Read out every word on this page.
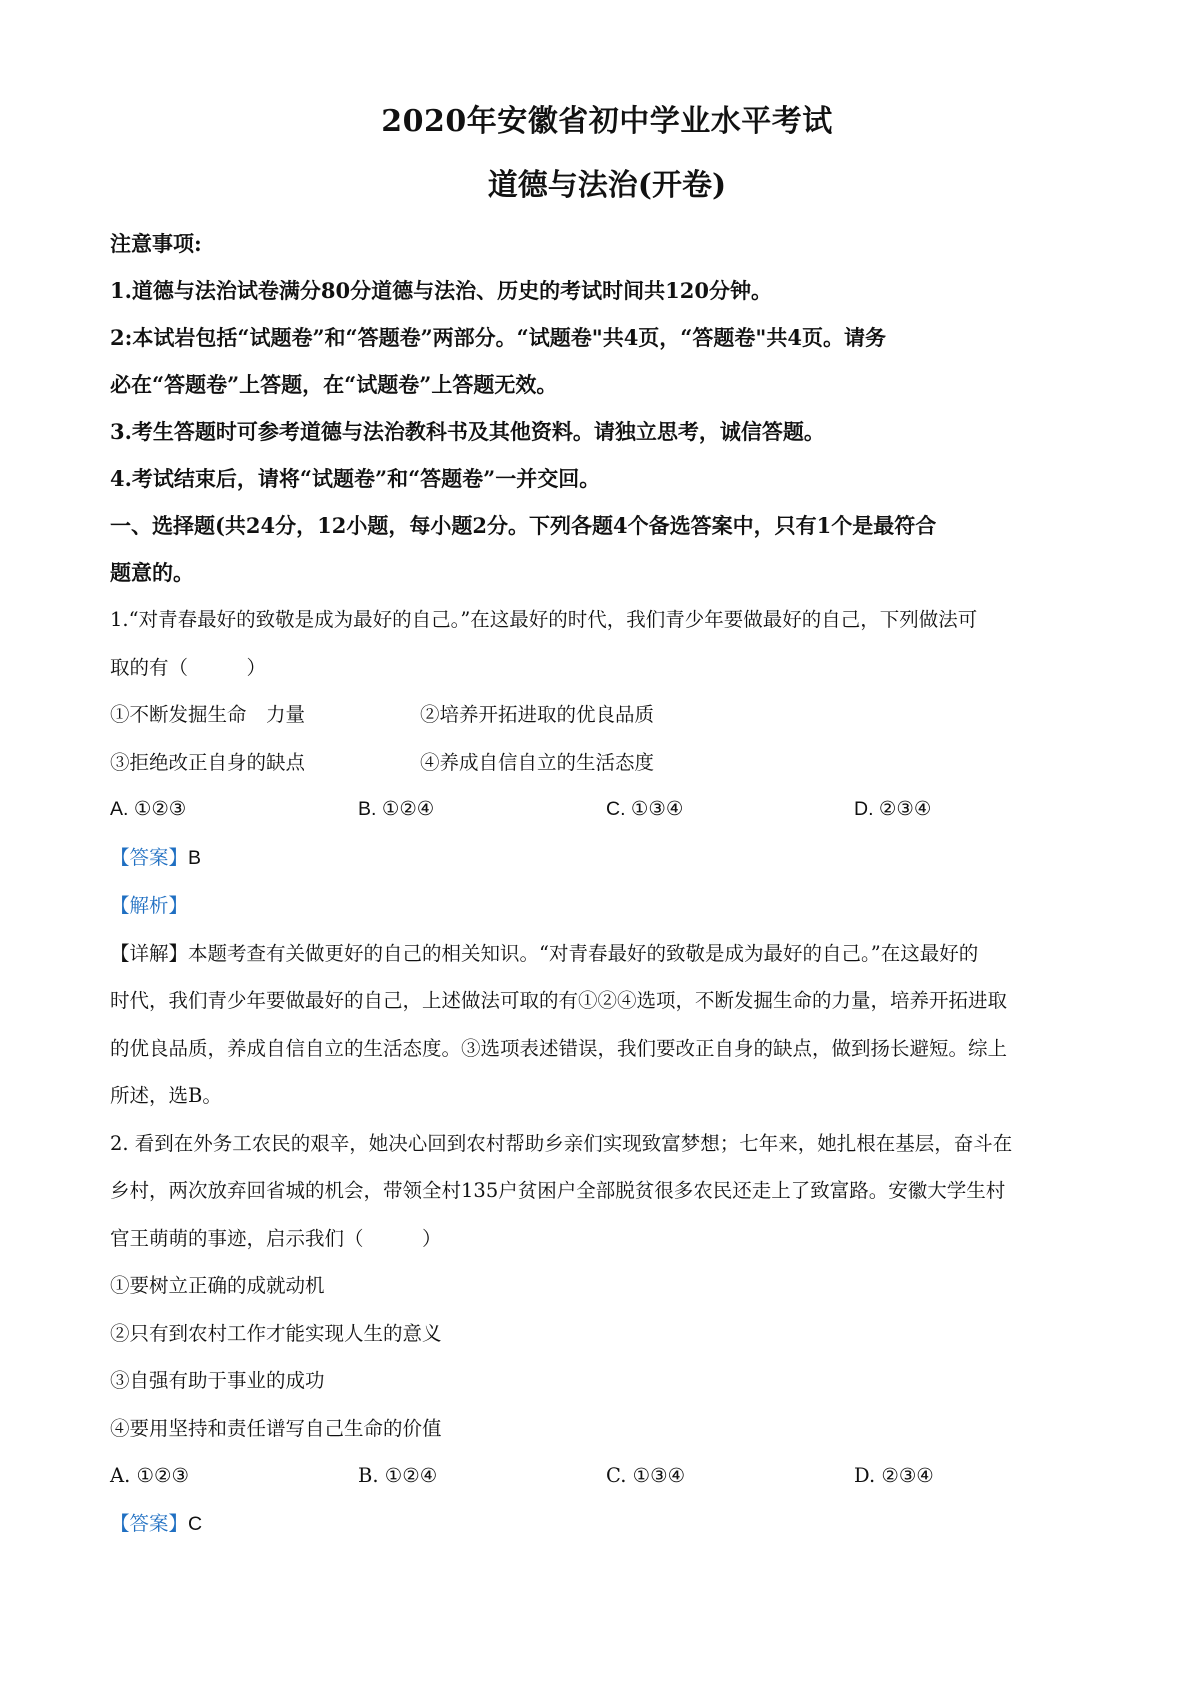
2020年安徽省初中学业水平考试
道德与法治(开卷)

注意事项:

1.道德与法治试卷满分80分道德与法治、历史的考试时间共120分钟。

2:本试岩包括“试题卷”和“答题卷”两部分。“试题卷"共4页，“答题卷"共4页。请务

必在“答题卷”上答题，在“试题卷”上答题无效。

3.考生答题时可参考道德与法治教科书及其他资料。请独立思考，诚信答题。

4.考试结束后，请将“试题卷”和“答题卷”一并交回。

一、选择题(共24分，12小题，每小题2分。下列各题4个备选答案中，只有1个是最符合

题意的。

1.“对青春最好的致敬是成为最好的自己。”在这最好的时代，我们青少年要做最好的自己，下列做法可

取的有（　　　）

①不断发掘生命　力量	②培养开拓进取的优良品质
③拒绝改正自身的缺点	④养成自信自立的生活态度
A. ①②③	B. ①②④	C. ①③④	D. ②③④

【答案】B

【解析】

【详解】本题考查有关做更好的自己的相关知识。“对青春最好的致敬是成为最好的自己。”在这最好的

时代，我们青少年要做最好的自己，上述做法可取的有①②④选项，不断发掘生命的力量，培养开拓进取

的优良品质，养成自信自立的生活态度。③选项表述错误，我们要改正自身的缺点，做到扬长避短。综上

所述，选B。

2. 看到在外务工农民的艰辛，她决心回到农村帮助乡亲们实现致富梦想；七年来，她扎根在基层，奋斗在

乡村，两次放弃回省城的机会，带领全村135户贫困户全部脱贫很多农民还走上了致富路。安徽大学生村

官王萌萌的事迹，启示我们（　　　）

①要树立正确的成就动机

②只有到农村工作才能实现人生的意义

③自强有助于事业的成功

④要用坚持和责任谱写自己生命的价值

A. ①②③	B. ①②④	C. ①③④	D. ②③④

【答案】C
